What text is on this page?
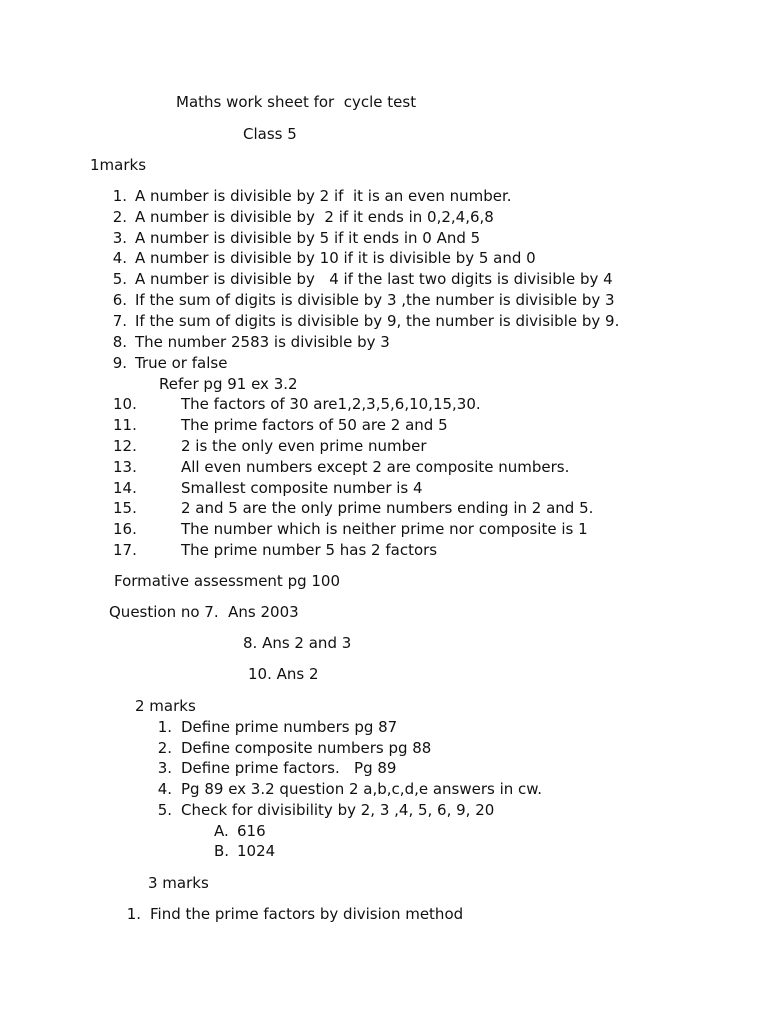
Maths work sheet for  cycle test
Class 5
1marks
1. A number is divisible by 2 if  it is an even number.
2. A number is divisible by  2 if it ends in 0,2,4,6,8
3. A number is divisible by 5 if it ends in 0 And 5
4. A number is divisible by 10 if it is divisible by 5 and 0
5. A number is divisible by   4 if the last two digits is divisible by 4
6. If the sum of digits is divisible by 3 ,the number is divisible by 3
7. If the sum of digits is divisible by 9, the number is divisible by 9.
8. The number 2583 is divisible by 3
9. True or false
Refer pg 91 ex 3.2
10.	The factors of 30 are1,2,3,5,6,10,15,30.
11.	The prime factors of 50 are 2 and 5
12.	2 is the only even prime number
13.	All even numbers except 2 are composite numbers.
14.	Smallest composite number is 4
15.	2 and 5 are the only prime numbers ending in 2 and 5.
16.	The number which is neither prime nor composite is 1
17.	The prime number 5 has 2 factors
Formative assessment pg 100
Question no 7.  Ans 2003
8. Ans 2 and 3
10. Ans 2
2 marks
1. Define prime numbers pg 87
2. Define composite numbers pg 88
3. Define prime factors.   Pg 89
4. Pg 89 ex 3.2 question 2 a,b,c,d,e answers in cw.
5. Check for divisibility by 2, 3 ,4, 5, 6, 9, 20
A. 616
B. 1024
3 marks
1. Find the prime factors by division method
